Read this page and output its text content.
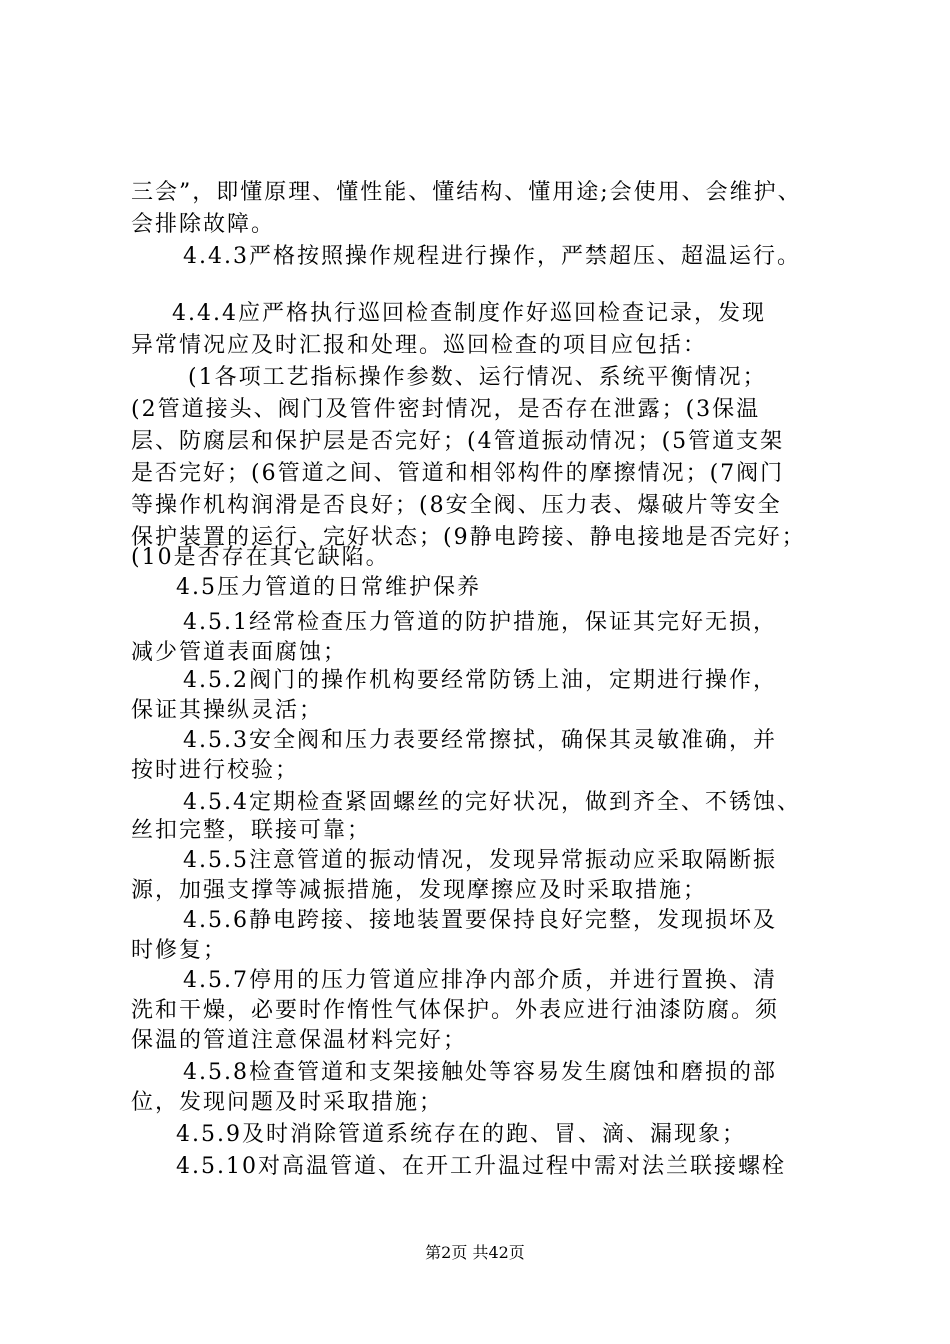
三会”，即懂原理、懂性能、懂结构、懂用途;会使用、会维护、
会排除故障。
4.4.3严格按照操作规程进行操作，严禁超压、超温运行。
4.4.4应严格执行巡回检查制度作好巡回检查记录，发现
异常情况应及时汇报和处理。巡回检查的项目应包括：
(1各项工艺指标操作参数、运行情况、系统平衡情况；
(2管道接头、阀门及管件密封情况，是否存在泄露；(3保温
层、防腐层和保护层是否完好；(4管道振动情况；(5管道支架
是否完好；(6管道之间、管道和相邻构件的摩擦情况；(7阀门
等操作机构润滑是否良好；(8安全阀、压力表、爆破片等安全
保护装置的运行、完好状态；(9静电跨接、静电接地是否完好；
(10是否存在其它缺陷。
4.5压力管道的日常维护保养
4.5.1经常检查压力管道的防护措施，保证其完好无损，
减少管道表面腐蚀；
4.5.2阀门的操作机构要经常防锈上油，定期进行操作，
保证其操纵灵活；
4.5.3安全阀和压力表要经常擦拭，确保其灵敏准确，并
按时进行校验；
4.5.4定期检查紧固螺丝的完好状况，做到齐全、不锈蚀、
丝扣完整，联接可靠；
4.5.5注意管道的振动情况，发现异常振动应采取隔断振
源，加强支撑等减振措施，发现摩擦应及时采取措施；
4.5.6静电跨接、接地装置要保持良好完整，发现损坏及
时修复；
4.5.7停用的压力管道应排净内部介质，并进行置换、清
洗和干燥，必要时作惰性气体保护。外表应进行油漆防腐。须
保温的管道注意保温材料完好；
4.5.8检查管道和支架接触处等容易发生腐蚀和磨损的部
位，发现问题及时采取措施；
4.5.9及时消除管道系统存在的跑、冒、滴、漏现象；
4.5.10对高温管道、在开工升温过程中需对法兰联接螺栓
第2页 共42页
